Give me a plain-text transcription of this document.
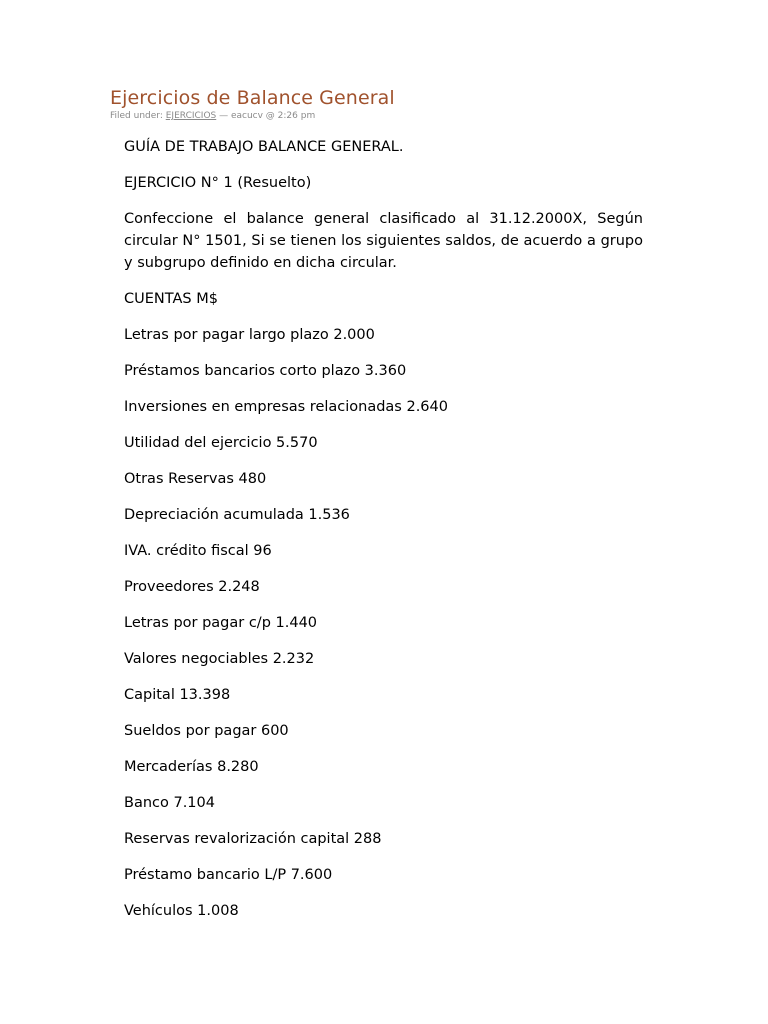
Ejercicios de Balance General
Filed under: EJERCICIOS — eacucv @ 2:26 pm

GUÍA DE TRABAJO BALANCE GENERAL.

EJERCICIO N° 1 (Resuelto)

Confeccione el balance general clasificado al 31.12.2000X, Según circular N° 1501, Si se tienen los siguientes saldos, de acuerdo a grupo y subgrupo definido en dicha circular.

CUENTAS M$

Letras por pagar largo plazo 2.000

Préstamos bancarios corto plazo 3.360

Inversiones en empresas relacionadas 2.640

Utilidad del ejercicio 5.570

Otras Reservas 480

Depreciación acumulada 1.536

IVA. crédito fiscal 96

Proveedores 2.248

Letras por pagar c/p 1.440

Valores negociables 2.232

Capital 13.398

Sueldos por pagar 600

Mercaderías 8.280

Banco 7.104

Reservas revalorización capital 288

Préstamo bancario L/P 7.600

Vehículos 1.008
